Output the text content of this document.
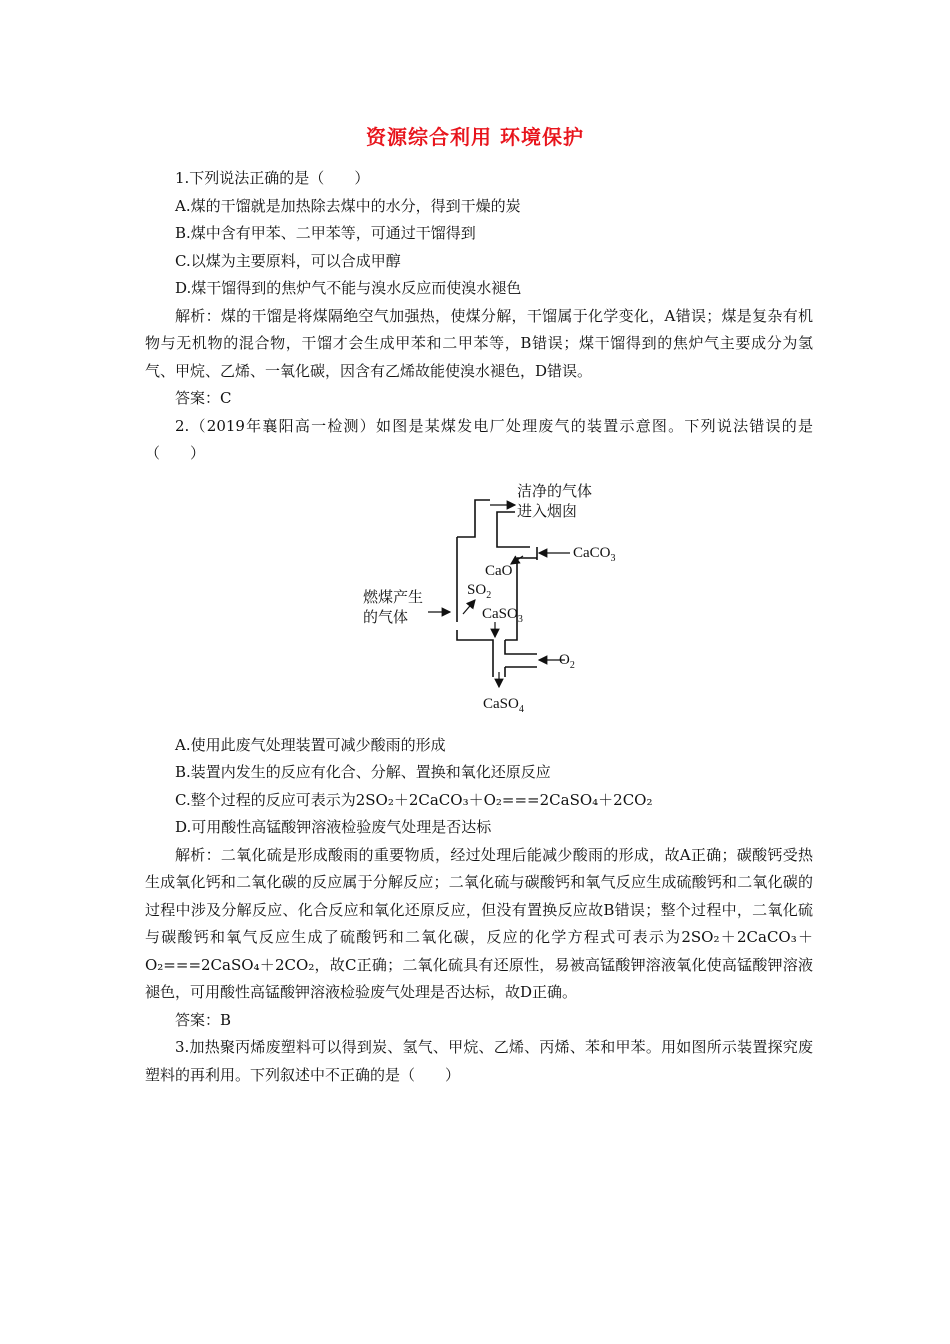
资源综合利用 环境保护

1.下列说法正确的是（　　）

A.煤的干馏就是加热除去煤中的水分，得到干燥的炭

B.煤中含有甲苯、二甲苯等，可通过干馏得到

C.以煤为主要原料，可以合成甲醇

D.煤干馏得到的焦炉气不能与溴水反应而使溴水褪色

解析：煤的干馏是将煤隔绝空气加强热，使煤分解，干馏属于化学变化，A错误；煤是复杂有机物与无机物的混合物，干馏才会生成甲苯和二甲苯等，B错误；煤干馏得到的焦炉气主要成分为氢气、甲烷、乙烯、一氧化碳，因含有乙烯故能使溴水褪色，D错误。

答案：C

2.（2019年襄阳高一检测）如图是某煤发电厂处理废气的装置示意图。下列说法错误的是（　　）

洁净的气体
进入烟囱
CaCO$_3$
CaO
燃煤产生
的气体
$SO_2$
CaSO$_3$
$O_2$
CaSO$_4$

A.使用此废气处理装置可减少酸雨的形成

B.装置内发生的反应有化合、分解、置换和氧化还原反应

C.整个过程的反应可表示为2SO₂＋2CaCO₃＋O₂===2CaSO₄＋2CO₂

D.可用酸性高锰酸钾溶液检验废气处理是否达标

解析：二氧化硫是形成酸雨的重要物质，经过处理后能减少酸雨的形成，故A正确；碳酸钙受热生成氧化钙和二氧化碳的反应属于分解反应；二氧化硫与碳酸钙和氧气反应生成硫酸钙和二氧化碳的过程中涉及分解反应、化合反应和氧化还原反应，但没有置换反应故B错误；整个过程中，二氧化硫与碳酸钙和氧气反应生成了硫酸钙和二氧化碳，反应的化学方程式可表示为2SO₂＋2CaCO₃＋O₂===2CaSO₄＋2CO₂，故C正确；二氧化硫具有还原性，易被高锰酸钾溶液氧化使高锰酸钾溶液褪色，可用酸性高锰酸钾溶液检验废气处理是否达标，故D正确。

答案：B

3.加热聚丙烯废塑料可以得到炭、氢气、甲烷、乙烯、丙烯、苯和甲苯。用如图所示装置探究废塑料的再利用。下列叙述中不正确的是（　　）
